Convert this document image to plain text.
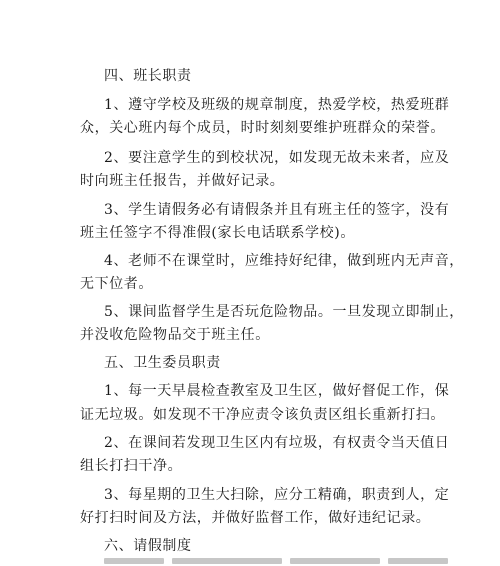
四、班长职责
1、遵守学校及班级的规章制度，热爱学校，热爱班群
众，关心班内每个成员，时时刻刻要维护班群众的荣誉。
2、要注意学生的到校状况，如发现无故未来者，应及
时向班主任报告，并做好记录。
3、学生请假务必有请假条并且有班主任的签字，没有
班主任签字不得准假(家长电话联系学校)。
4、老师不在课堂时，应维持好纪律，做到班内无声音，
无下位者。
5、课间监督学生是否玩危险物品。一旦发现立即制止，
并没收危险物品交于班主任。
五、卫生委员职责
1、每一天早晨检查教室及卫生区，做好督促工作，保
证无垃圾。如发现不干净应责令该负责区组长重新打扫。
2、在课间若发现卫生区内有垃圾，有权责令当天值日
组长打扫干净。
3、每星期的卫生大扫除，应分工精确，职责到人，定
好打扫时间及方法，并做好监督工作，做好违纪记录。
六、请假制度
